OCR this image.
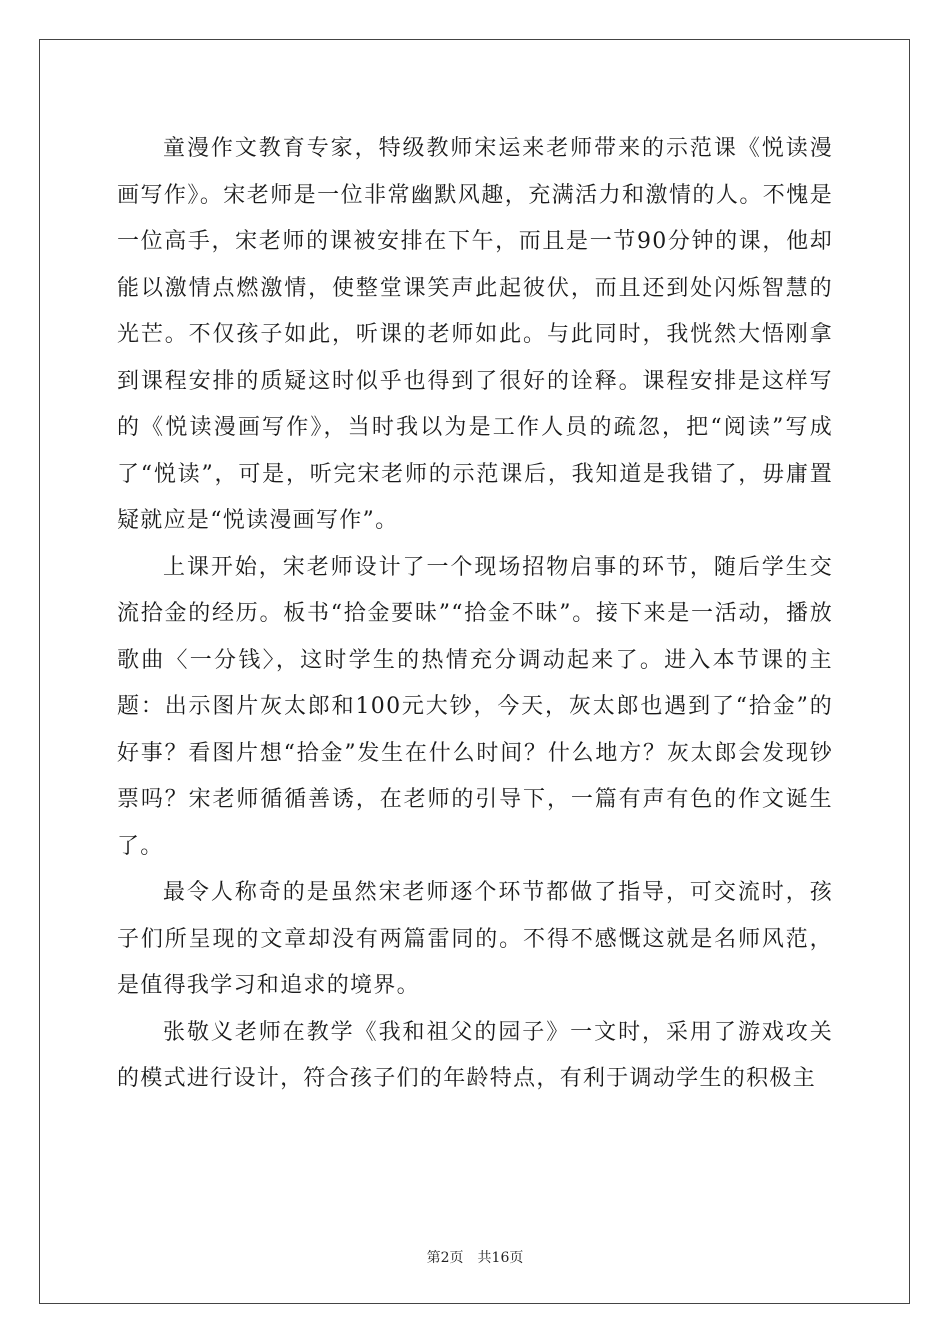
童漫作文教育专家，特级教师宋运来老师带来的示范课《悦读漫画写作》。宋老师是一位非常幽默风趣，充满活力和激情的人。不愧是一位高手，宋老师的课被安排在下午，而且是一节90分钟的课，他却能以激情点燃激情，使整堂课笑声此起彼伏，而且还到处闪烁智慧的光芒。不仅孩子如此，听课的老师如此。与此同时，我恍然大悟刚拿到课程安排的质疑这时似乎也得到了很好的诠释。课程安排是这样写的《悦读漫画写作》，当时我以为是工作人员的疏忽，把“阅读”写成了“悦读”，可是，听完宋老师的示范课后，我知道是我错了，毋庸置疑就应是“悦读漫画写作”。

上课开始，宋老师设计了一个现场招物启事的环节，随后学生交流拾金的经历。板书“拾金要昧”“拾金不昧”。接下来是一活动，播放歌曲〈一分钱〉，这时学生的热情充分调动起来了。进入本节课的主题：出示图片灰太郎和100元大钞，今天，灰太郎也遇到了“拾金”的好事？看图片想“拾金”发生在什么时间？什么地方？灰太郎会发现钞票吗？宋老师循循善诱，在老师的引导下，一篇有声有色的作文诞生了。

最令人称奇的是虽然宋老师逐个环节都做了指导，可交流时，孩子们所呈现的文章却没有两篇雷同的。不得不感慨这就是名师风范，是值得我学习和追求的境界。

张敬义老师在教学《我和祖父的园子》一文时，采用了游戏攻关的模式进行设计，符合孩子们的年龄特点，有利于调动学生的积极主

第2页 共16页
